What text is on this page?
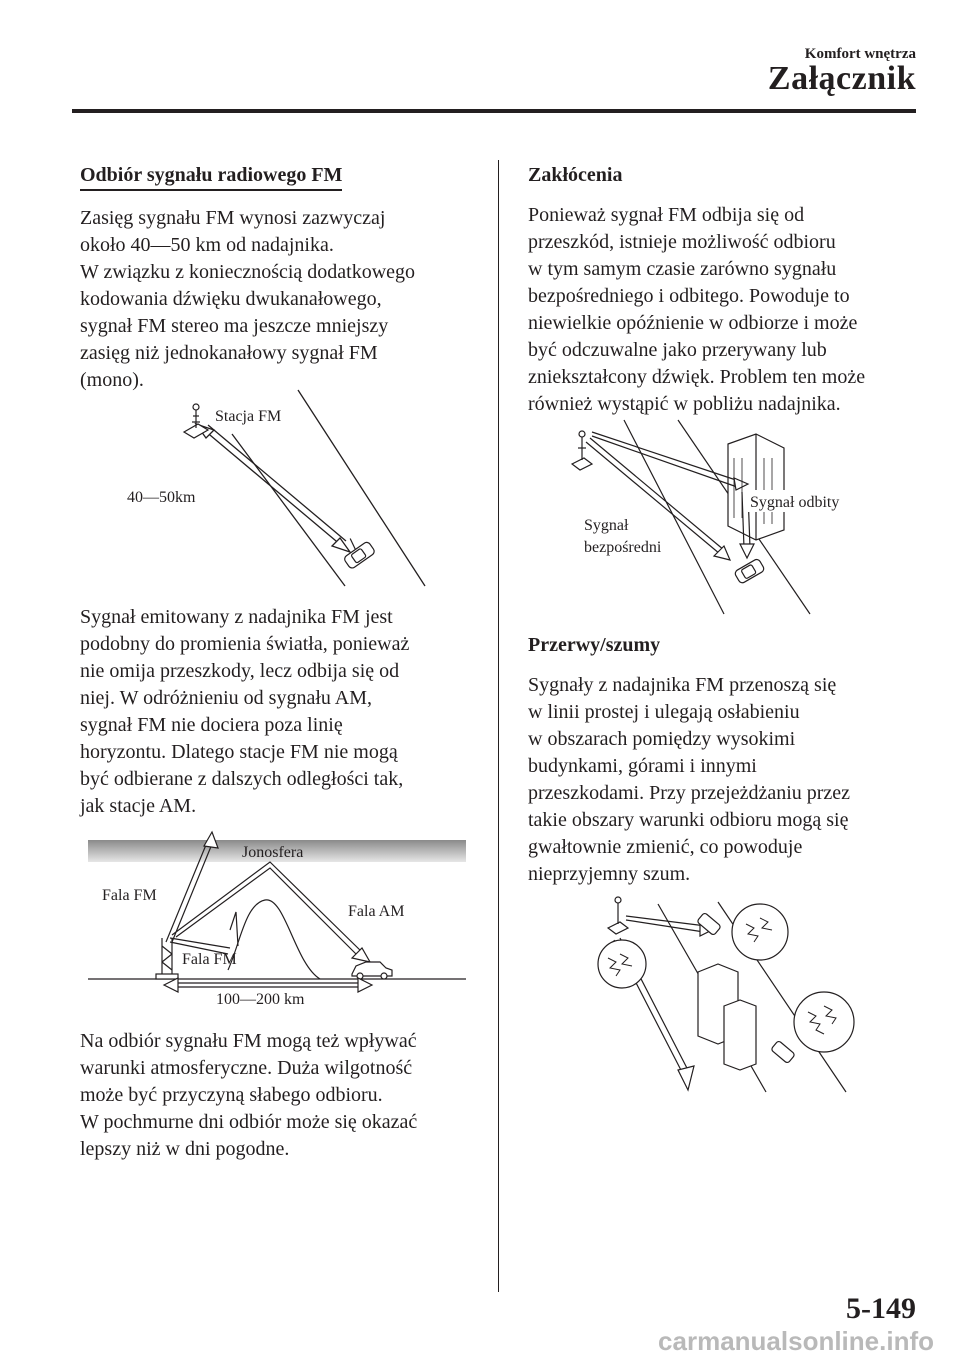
Komfort wnętrza
Załącznik
Odbiór sygnału radiowego FM
Zasięg sygnału FM wynosi zazwyczaj
około 40―50 km od nadajnika.
W związku z koniecznością dodatkowego
kodowania dźwięku dwukanałowego,
sygnał FM stereo ma jeszcze mniejszy
zasięg niż jednokanałowy sygnał FM
(mono).
Stacja FM
40―50km
Sygnał emitowany z nadajnika FM jest
podobny do promienia światła, ponieważ
nie omija przeszkody, lecz odbija się od
niej. W odróżnieniu od sygnału AM,
sygnał FM nie dociera poza linię
horyzontu. Dlatego stacje FM nie mogą
być odbierane z dalszych odległości tak,
jak stacje AM.
Jonosfera
Fala FM
Fala AM
Fala FM
100―200 km
Na odbiór sygnału FM mogą też wpływać
warunki atmosferyczne. Duża wilgotność
może być przyczyną słabego odbioru.
W pochmurne dni odbiór może się okazać
lepszy niż w dni pogodne.
Zakłócenia
Ponieważ sygnał FM odbija się od
przeszkód, istnieje możliwość odbioru
w tym samym czasie zarówno sygnału
bezpośredniego i odbitego. Powoduje to
niewielkie opóźnienie w odbiorze i może
być odczuwalne jako przerywany lub
zniekształcony dźwięk. Problem ten może
również wystąpić w pobliżu nadajnika.
Sygnał odbity
Sygnał
bezpośredni
Przerwy/szumy
Sygnały z nadajnika FM przenoszą się
w linii prostej i ulegają osłabieniu
w obszarach pomiędzy wysokimi
budynkami, górami i innymi
przeszkodami. Przy przejeżdżaniu przez
takie obszary warunki odbioru mogą się
gwałtownie zmienić, co powoduje
nieprzyjemny szum.
5-149
carmanualsonline.info
